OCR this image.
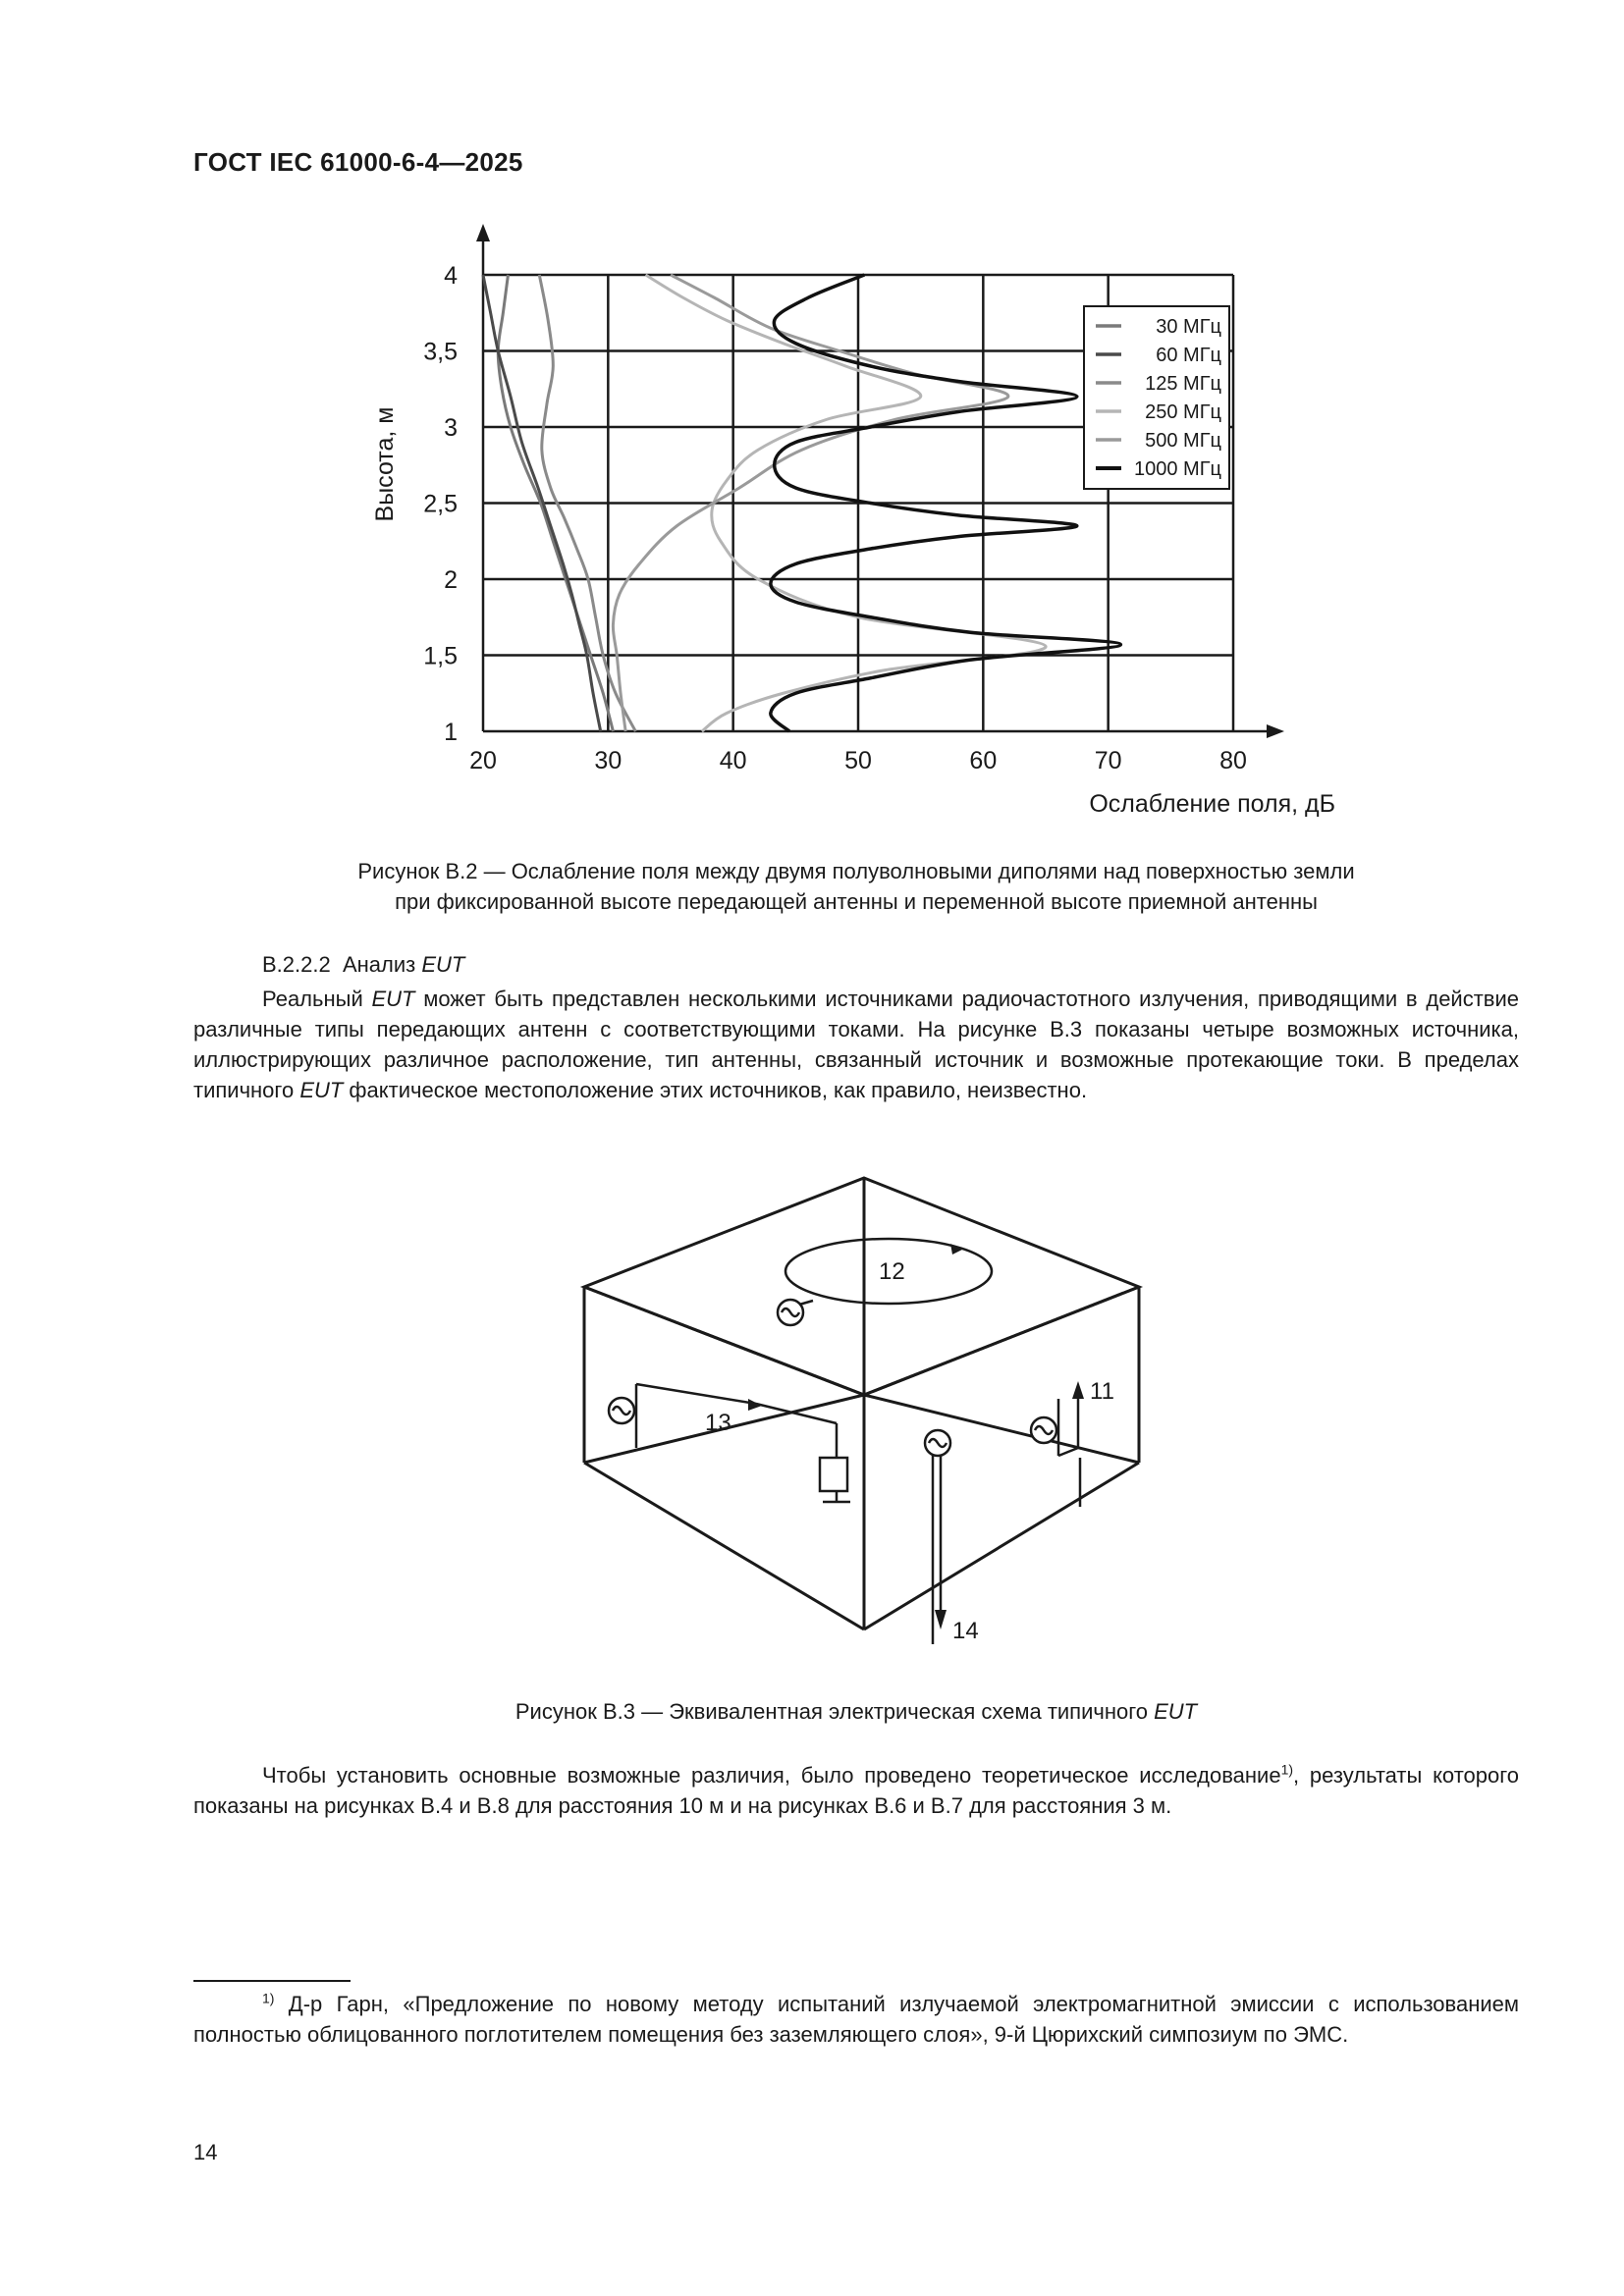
ГОСТ IEC 61000-6-4—2025
20	30	40	50	60	70	80
1
1,5
2
2,5
3
3,5
4
30 МГц
60 МГц
125 МГц
250 МГц
500 МГц
1000 МГц
Ослабление поля, дБ
Высота, м
Рисунок В.2 — Ослабление поля между двумя полуволновыми диполями над поверхностью земли
при фиксированной высоте передающей антенны и переменной высоте приемной антенны
B.2.2.2 Анализ EUT
Реальный EUT может быть представлен несколькими источниками радиочастотного излучения, приводящими в действие различные типы передающих антенн с соответствующими токами. На рисунке В.3 показаны четыре возможных источника, иллюстрирующих различное расположение, тип антенны, связанный источник и возможные протекающие токи. В пределах типичного EUT фактическое местоположение этих источников, как правило, неизвестно.
12
11
13
14
Рисунок В.3 — Эквивалентная электрическая схема типичного EUT
Чтобы установить основные возможные различия, было проведено теоретическое исследование$^{1)}$, результаты которого показаны на рисунках В.4 и В.8 для расстояния 10 м и на рисунках В.6 и В.7 для расстояния 3 м.
$^{1)}$ Д-р Гарн, «Предложение по новому методу испытаний излучаемой электромагнитной эмиссии с использованием полностью облицованного поглотителем помещения без заземляющего слоя», 9-й Цюрихский симпозиум по ЭМС.
14
